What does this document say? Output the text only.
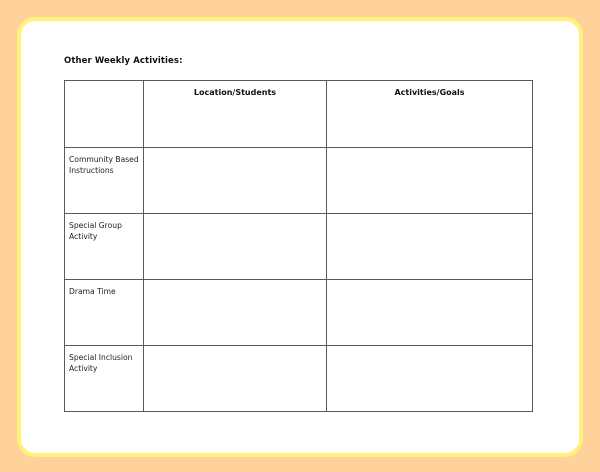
Other Weekly Activities:
	Location/Students	Activities/Goals

Community Based
Instructions		

Special Group
Activity		

Drama Time		

Special Inclusion
Activity		
